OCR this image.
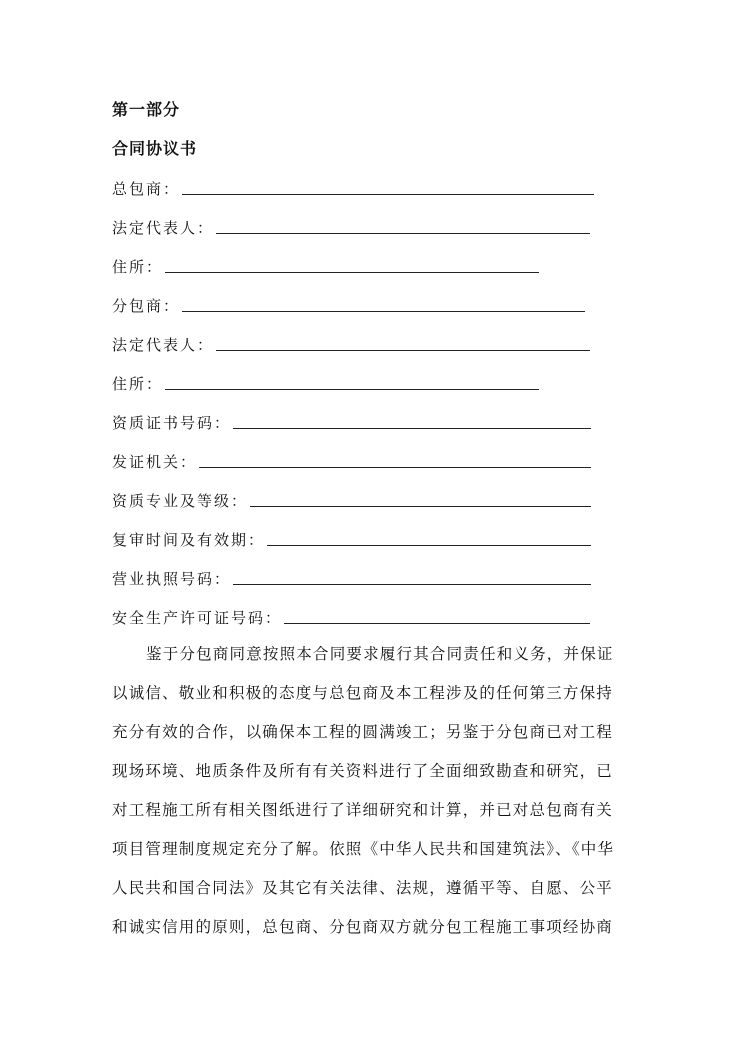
第一部分
合同协议书
总包商：
法定代表人：
住所：
分包商：
法定代表人：
住所：
资质证书号码：
发证机关：
资质专业及等级：
复审时间及有效期：
营业执照号码：
安全生产许可证号码：
鉴于分包商同意按照本合同要求履行其合同责任和义务，并保证
以诚信、敬业和积极的态度与总包商及本工程涉及的任何第三方保持
充分有效的合作，以确保本工程的圆满竣工；另鉴于分包商已对工程
现场环境、地质条件及所有有关资料进行了全面细致勘查和研究，已
对工程施工所有相关图纸进行了详细研究和计算，并已对总包商有关
项目管理制度规定充分了解。依照《中华人民共和国建筑法》、《中华
人民共和国合同法》及其它有关法律、法规，遵循平等、自愿、公平
和诚实信用的原则，总包商、分包商双方就分包工程施工事项经协商
